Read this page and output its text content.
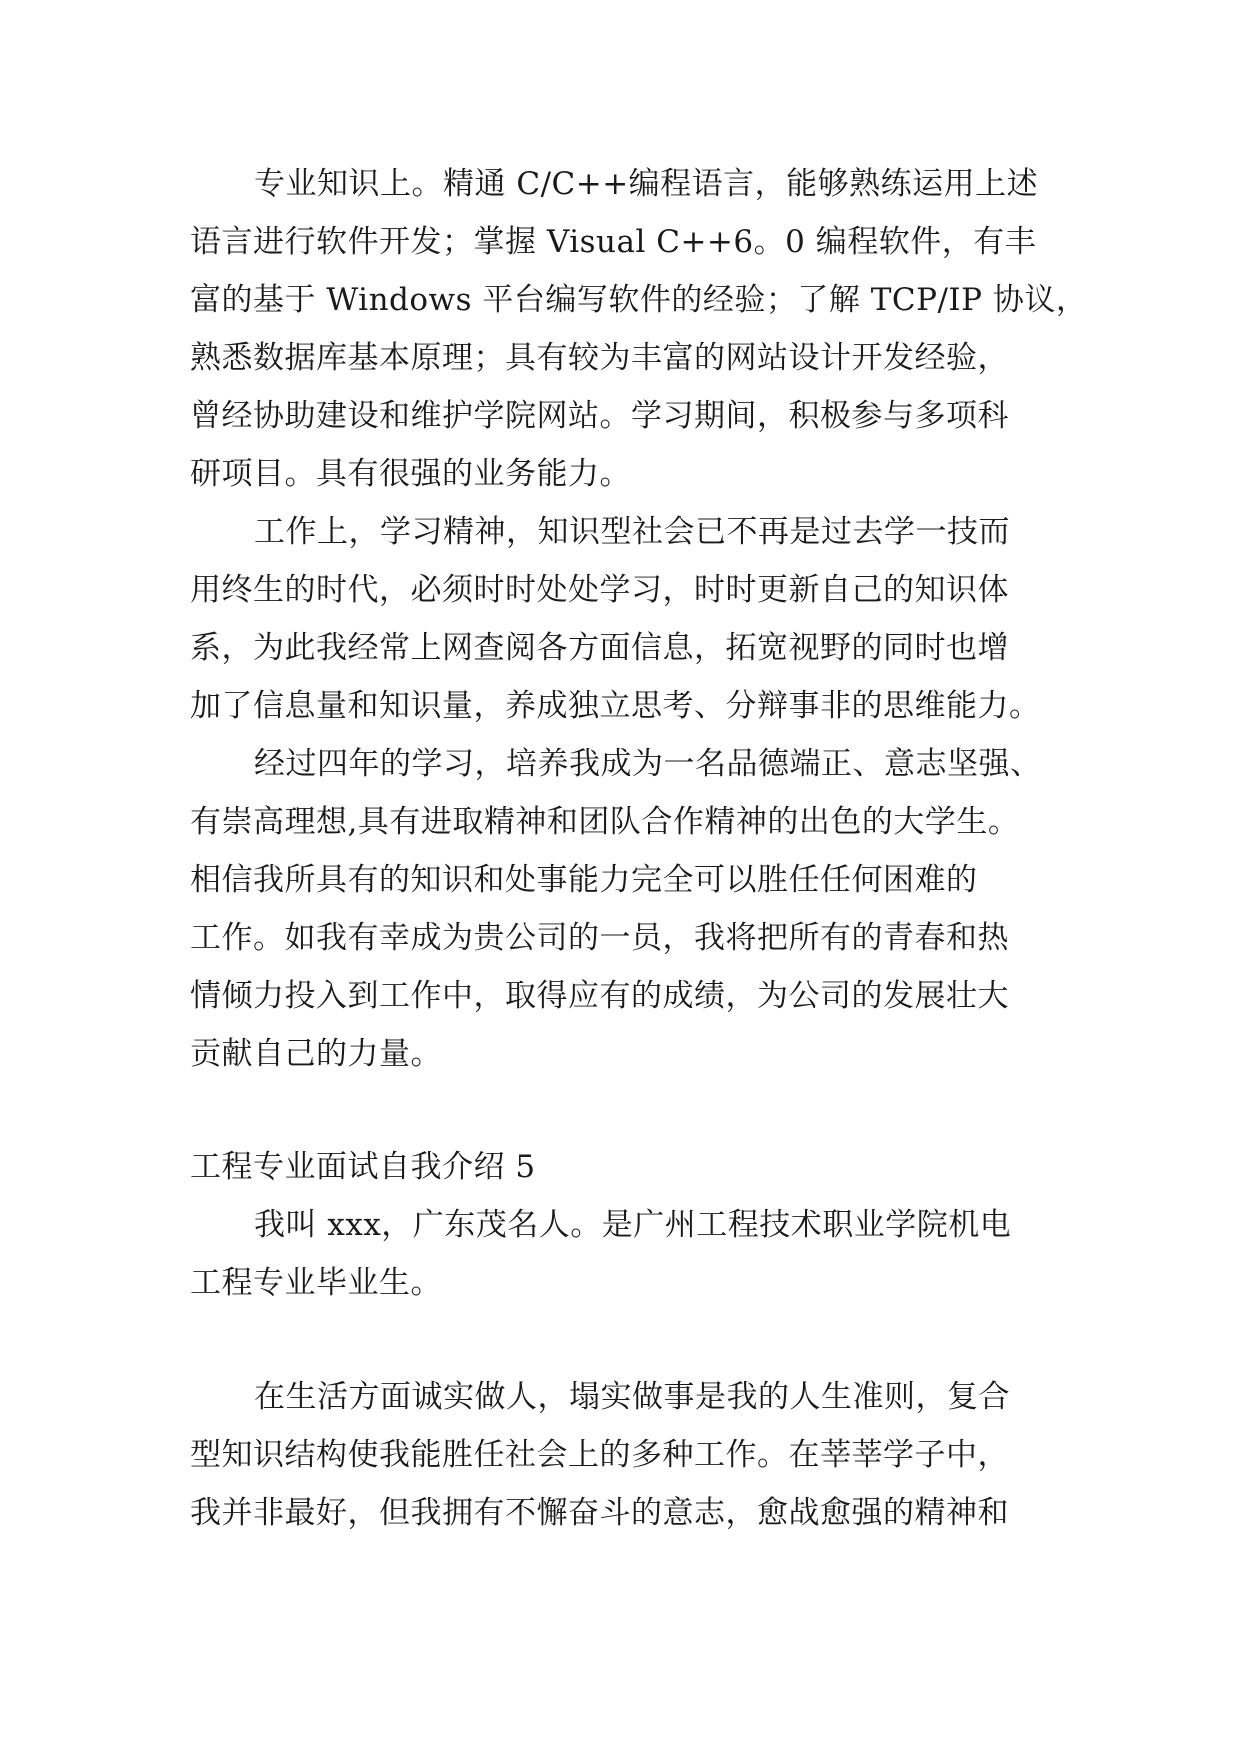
专业知识上。精通 C/C++编程语言，能够熟练运用上述
语言进行软件开发；掌握 Visual C++6。0 编程软件，有丰
富的基于 Windows 平台编写软件的经验；了解 TCP/IP 协议，
熟悉数据库基本原理；具有较为丰富的网站设计开发经验，
曾经协助建设和维护学院网站。学习期间，积极参与多项科
研项目。具有很强的业务能力。
工作上，学习精神，知识型社会已不再是过去学一技而
用终生的时代，必须时时处处学习，时时更新自己的知识体
系，为此我经常上网查阅各方面信息，拓宽视野的同时也增
加了信息量和知识量，养成独立思考、分辩事非的思维能力。
经过四年的学习，培养我成为一名品德端正、意志坚强、
有崇高理想,具有进取精神和团队合作精神的出色的大学生。
相信我所具有的知识和处事能力完全可以胜任任何困难的
工作。如我有幸成为贵公司的一员，我将把所有的青春和热
情倾力投入到工作中，取得应有的成绩，为公司的发展壮大
贡献自己的力量。
工程专业面试自我介绍 5
我叫 xxx，广东茂名人。是广州工程技术职业学院机电
工程专业毕业生。
在生活方面诚实做人，塌实做事是我的人生准则，复合
型知识结构使我能胜任社会上的多种工作。在莘莘学子中，
我并非最好，但我拥有不懈奋斗的意志，愈战愈强的精神和
